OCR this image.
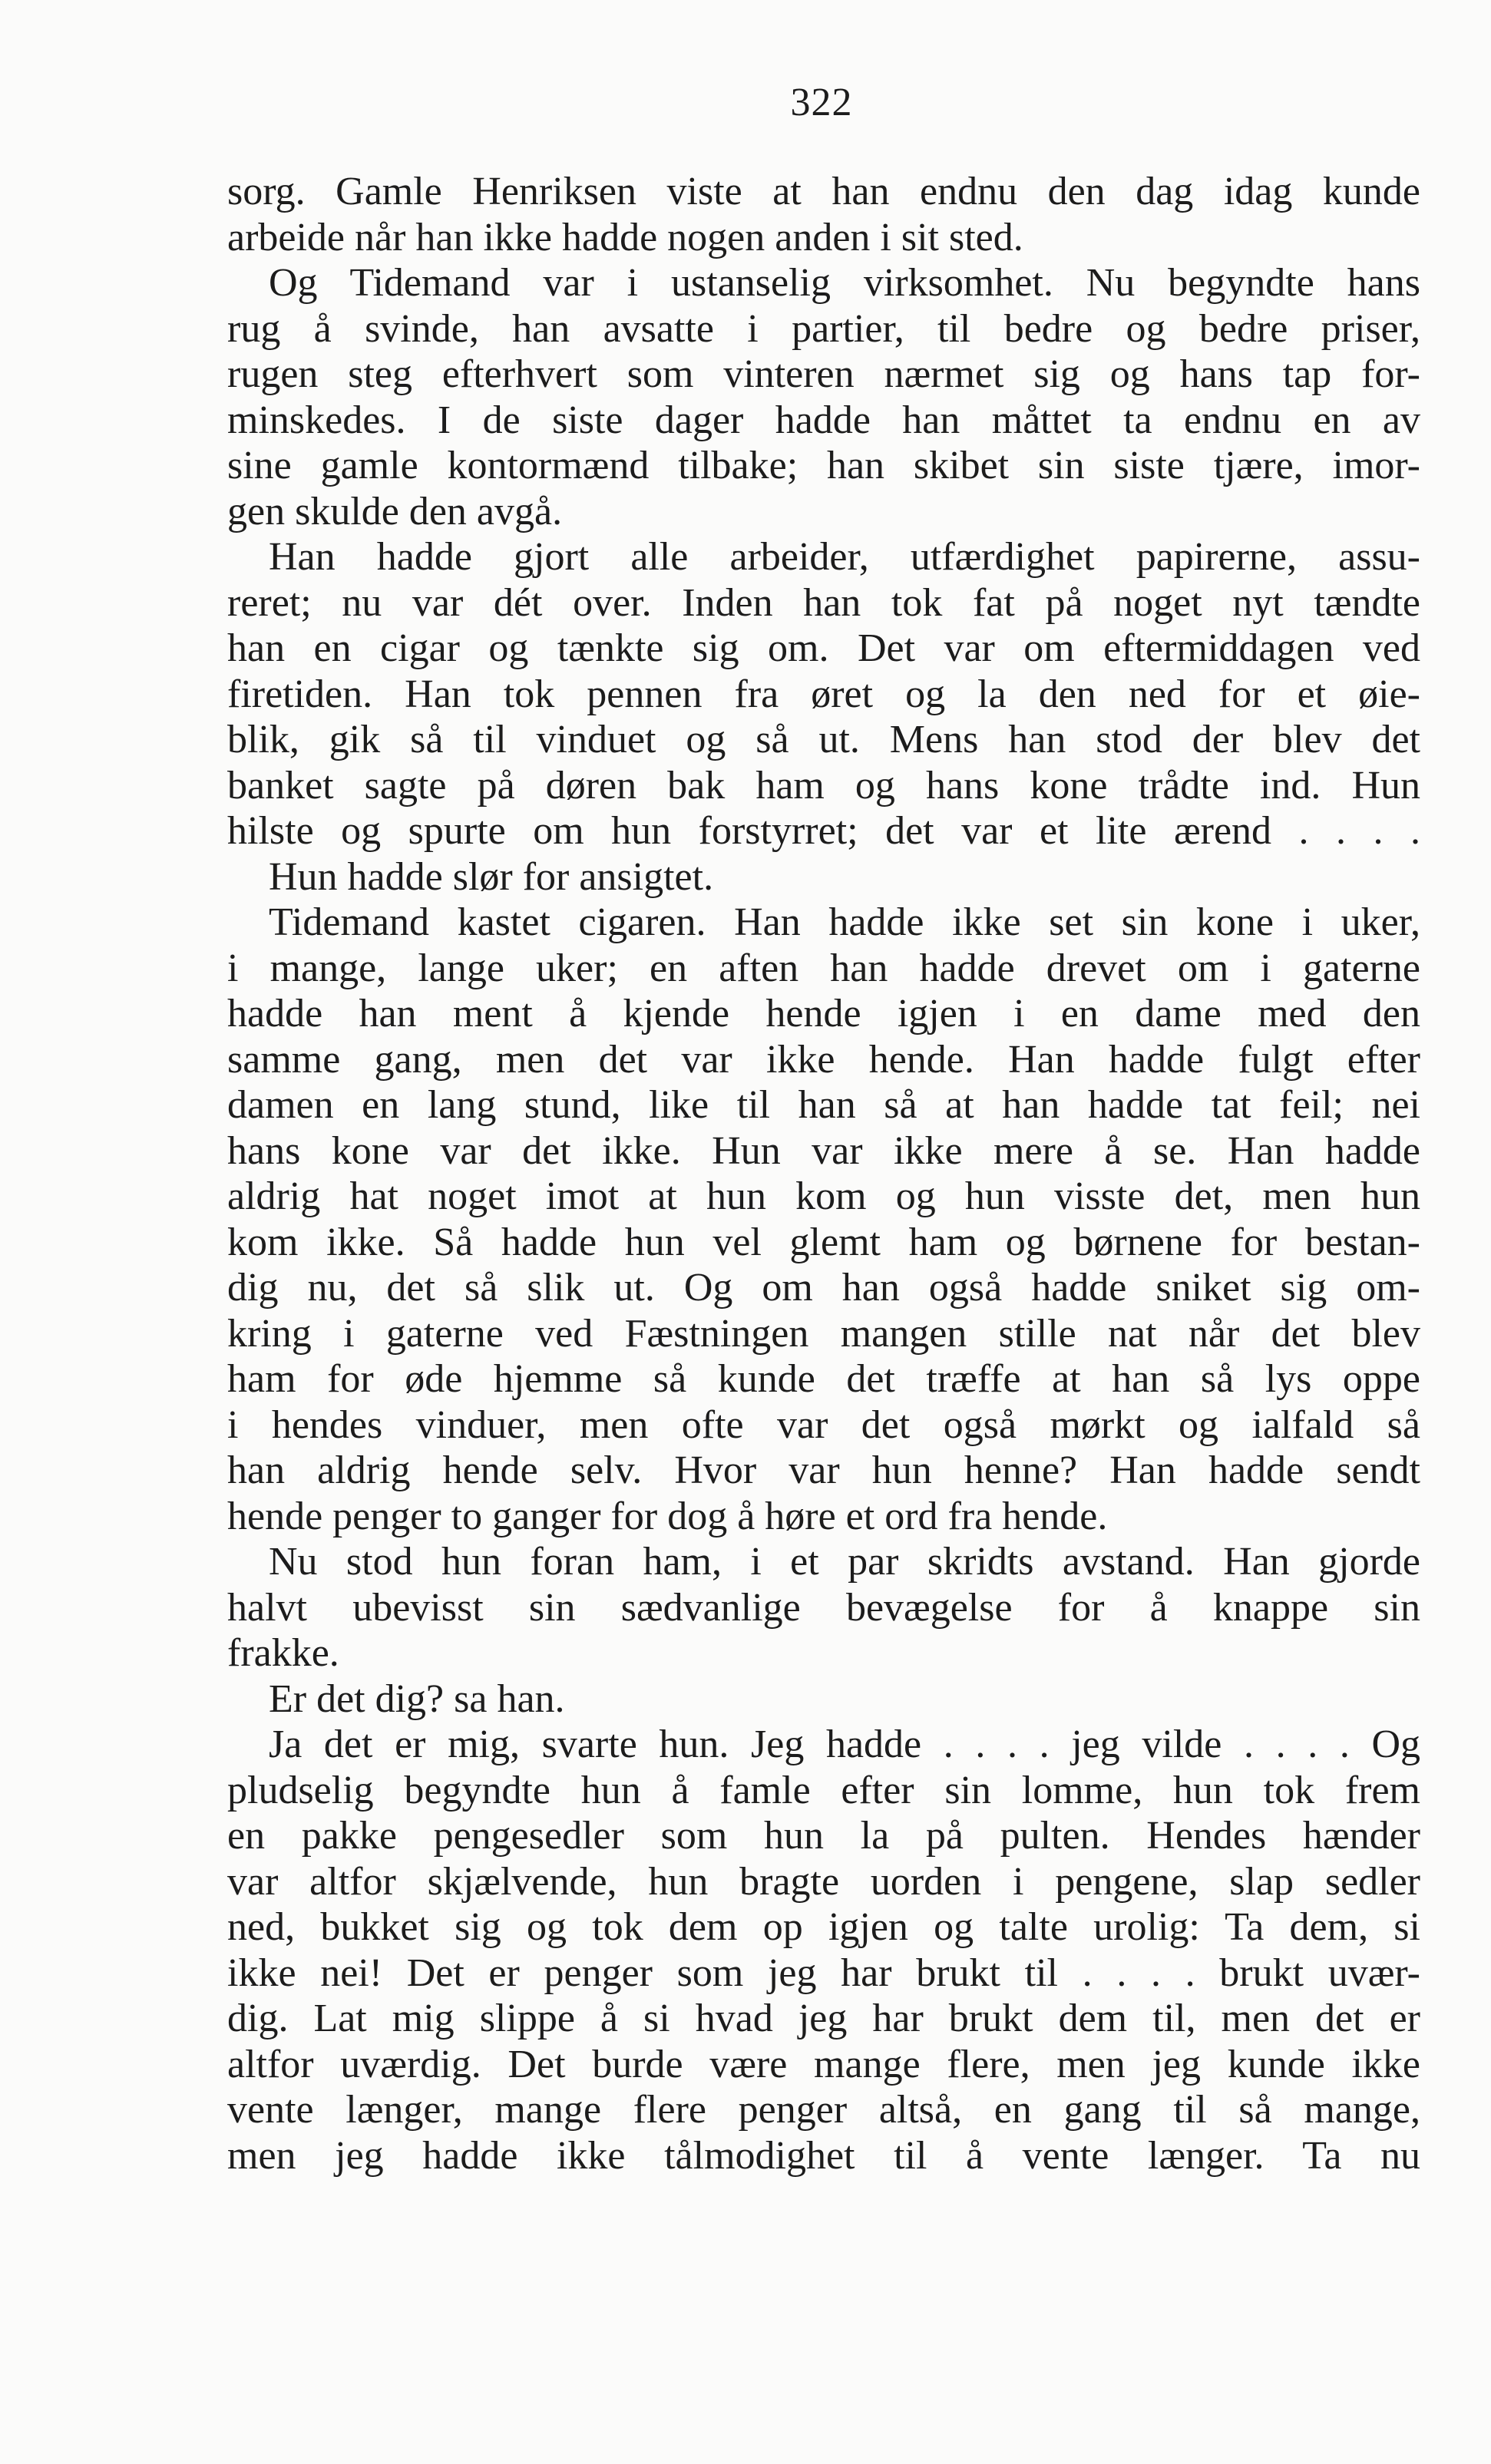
322
sorg. Gamle Henriksen viste at han endnu den dag idag kunde
arbeide når han ikke hadde nogen anden i sit sted.
Og Tidemand var i ustanselig virksomhet. Nu begyndte hans
rug å svinde, han avsatte i partier, til bedre og bedre priser,
rugen steg efterhvert som vinteren nærmet sig og hans tap for-
minskedes. I de siste dager hadde han måttet ta endnu en av
sine gamle kontormænd tilbake; han skibet sin siste tjære, imor-
gen skulde den avgå.
Han hadde gjort alle arbeider, utfærdighet papirerne, assu-
reret; nu var dét over. Inden han tok fat på noget nyt tændte
han en cigar og tænkte sig om. Det var om eftermiddagen ved
firetiden. Han tok pennen fra øret og la den ned for et øie-
blik, gik så til vinduet og så ut. Mens han stod der blev det
banket sagte på døren bak ham og hans kone trådte ind. Hun
hilste og spurte om hun forstyrret; det var et lite ærend . . . .
Hun hadde slør for ansigtet.
Tidemand kastet cigaren. Han hadde ikke set sin kone i uker,
i mange, lange uker; en aften han hadde drevet om i gaterne
hadde han ment å kjende hende igjen i en dame med den
samme gang, men det var ikke hende. Han hadde fulgt efter
damen en lang stund, like til han så at han hadde tat feil; nei
hans kone var det ikke. Hun var ikke mere å se. Han hadde
aldrig hat noget imot at hun kom og hun visste det, men hun
kom ikke. Så hadde hun vel glemt ham og børnene for bestan-
dig nu, det så slik ut. Og om han også hadde sniket sig om-
kring i gaterne ved Fæstningen mangen stille nat når det blev
ham for øde hjemme så kunde det træffe at han så lys oppe
i hendes vinduer, men ofte var det også mørkt og ialfald så
han aldrig hende selv. Hvor var hun henne? Han hadde sendt
hende penger to ganger for dog å høre et ord fra hende.
Nu stod hun foran ham, i et par skridts avstand. Han gjorde
halvt ubevisst sin sædvanlige bevægelse for å knappe sin
frakke.
Er det dig? sa han.
Ja det er mig, svarte hun. Jeg hadde . . . . jeg vilde . . . . Og
pludselig begyndte hun å famle efter sin lomme, hun tok frem
en pakke pengesedler som hun la på pulten. Hendes hænder
var altfor skjælvende, hun bragte uorden i pengene, slap sedler
ned, bukket sig og tok dem op igjen og talte urolig: Ta dem, si
ikke nei! Det er penger som jeg har brukt til . . . . brukt uvær-
dig. Lat mig slippe å si hvad jeg har brukt dem til, men det er
altfor uværdig. Det burde være mange flere, men jeg kunde ikke
vente længer, mange flere penger altså, en gang til så mange,
men jeg hadde ikke tålmodighet til å vente længer. Ta nu
